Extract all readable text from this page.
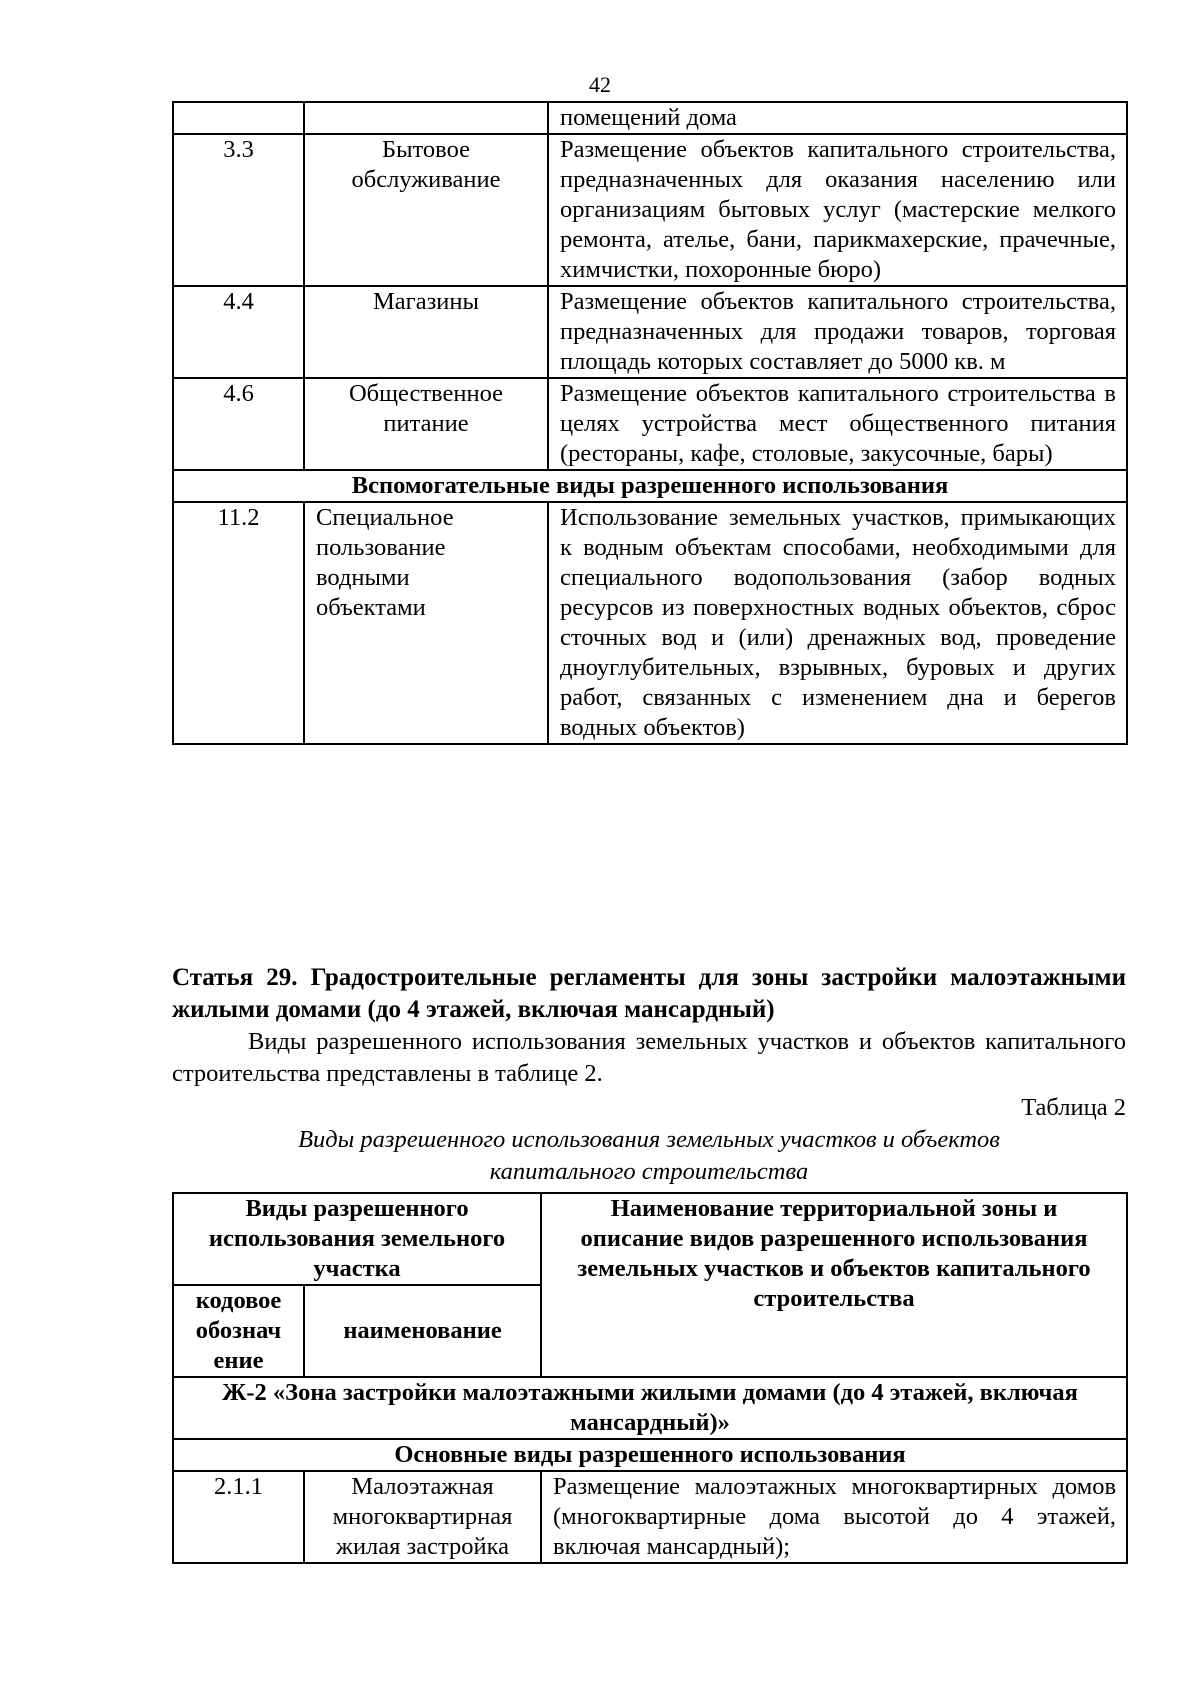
42
		помещений дома
3.3	Бытовое обслуживание	Размещение объектов капитального строительства, предназначенных для оказания населению или организациям бытовых услуг (мастерские мелкого ремонта, ателье, бани, парикмахерские, прачечные, химчистки, похоронные бюро)
4.4	Магазины	Размещение объектов капитального строительства, предназначенных для продажи товаров, торговая площадь которых составляет до 5000 кв. м
4.6	Общественное питание	Размещение объектов капитального строительства в целях устройства мест общественного питания (рестораны, кафе, столовые, закусочные, бары)
Вспомогательные виды разрешенного использования		
11.2	Специальное пользование водными объектами	Использование земельных участков, примыкающих к водным объектам способами, необходимыми для специального водопользования (забор водных ресурсов из поверхностных водных объектов, сброс сточных вод и (или) дренажных вод, проведение дноуглубительных, взрывных, буровых и других работ, связанных с изменением дна и берегов водных объектов)
Статья 29. Градостроительные регламенты для зоны застройки малоэтажными жилыми домами (до 4 этажей, включая мансардный)
Виды разрешенного использования земельных участков и объектов капитального строительства представлены в таблице 2.
Таблица 2
Виды разрешенного использования земельных участков и объектов капитального строительства
Виды разрешенного использования земельного участка		Наименование территориальной зоны и описание видов разрешенного использования земельных участков и объектов капитального строительства
кодовое обознач ение	наименование	
Ж-2 «Зона застройки малоэтажными жилыми домами (до 4 этажей, включая мансардный)»		
Основные виды разрешенного использования		
2.1.1	Малоэтажная многоквартирная жилая застройка	Размещение малоэтажных многоквартирных домов (многоквартирные дома высотой до 4 этажей, включая мансардный);
